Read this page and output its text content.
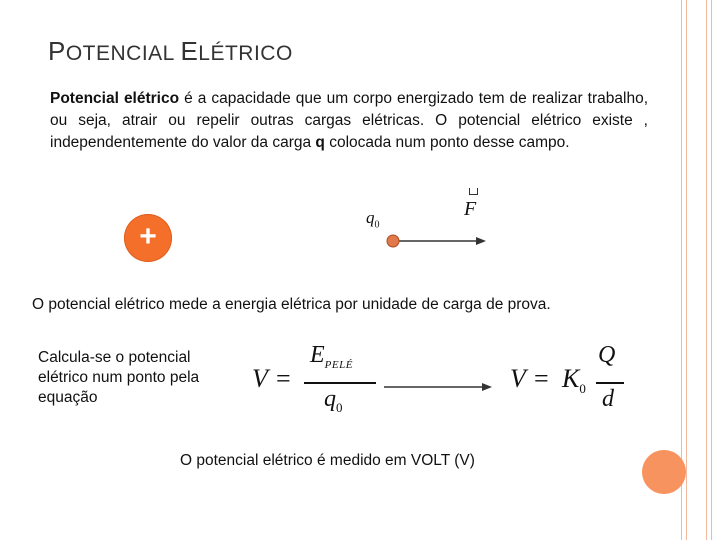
POTENCIAL ELÉTRICO
Potencial elétrico é a capacidade que um corpo energizado tem de realizar trabalho, ou seja, atrair ou repelir outras cargas elétricas. O potencial elétrico existe , independentemente do valor da carga q colocada num ponto desse campo.
+
$q_0$
F
O potencial elétrico mede a energia elétrica por unidade de carga de prova.
Calcula-se o potencial elétrico num ponto pela equação
V =
$E_{PELÉ}$
$q_0$
$V = K_0$
Q
d
O potencial elétrico é medido em VOLT (V)
